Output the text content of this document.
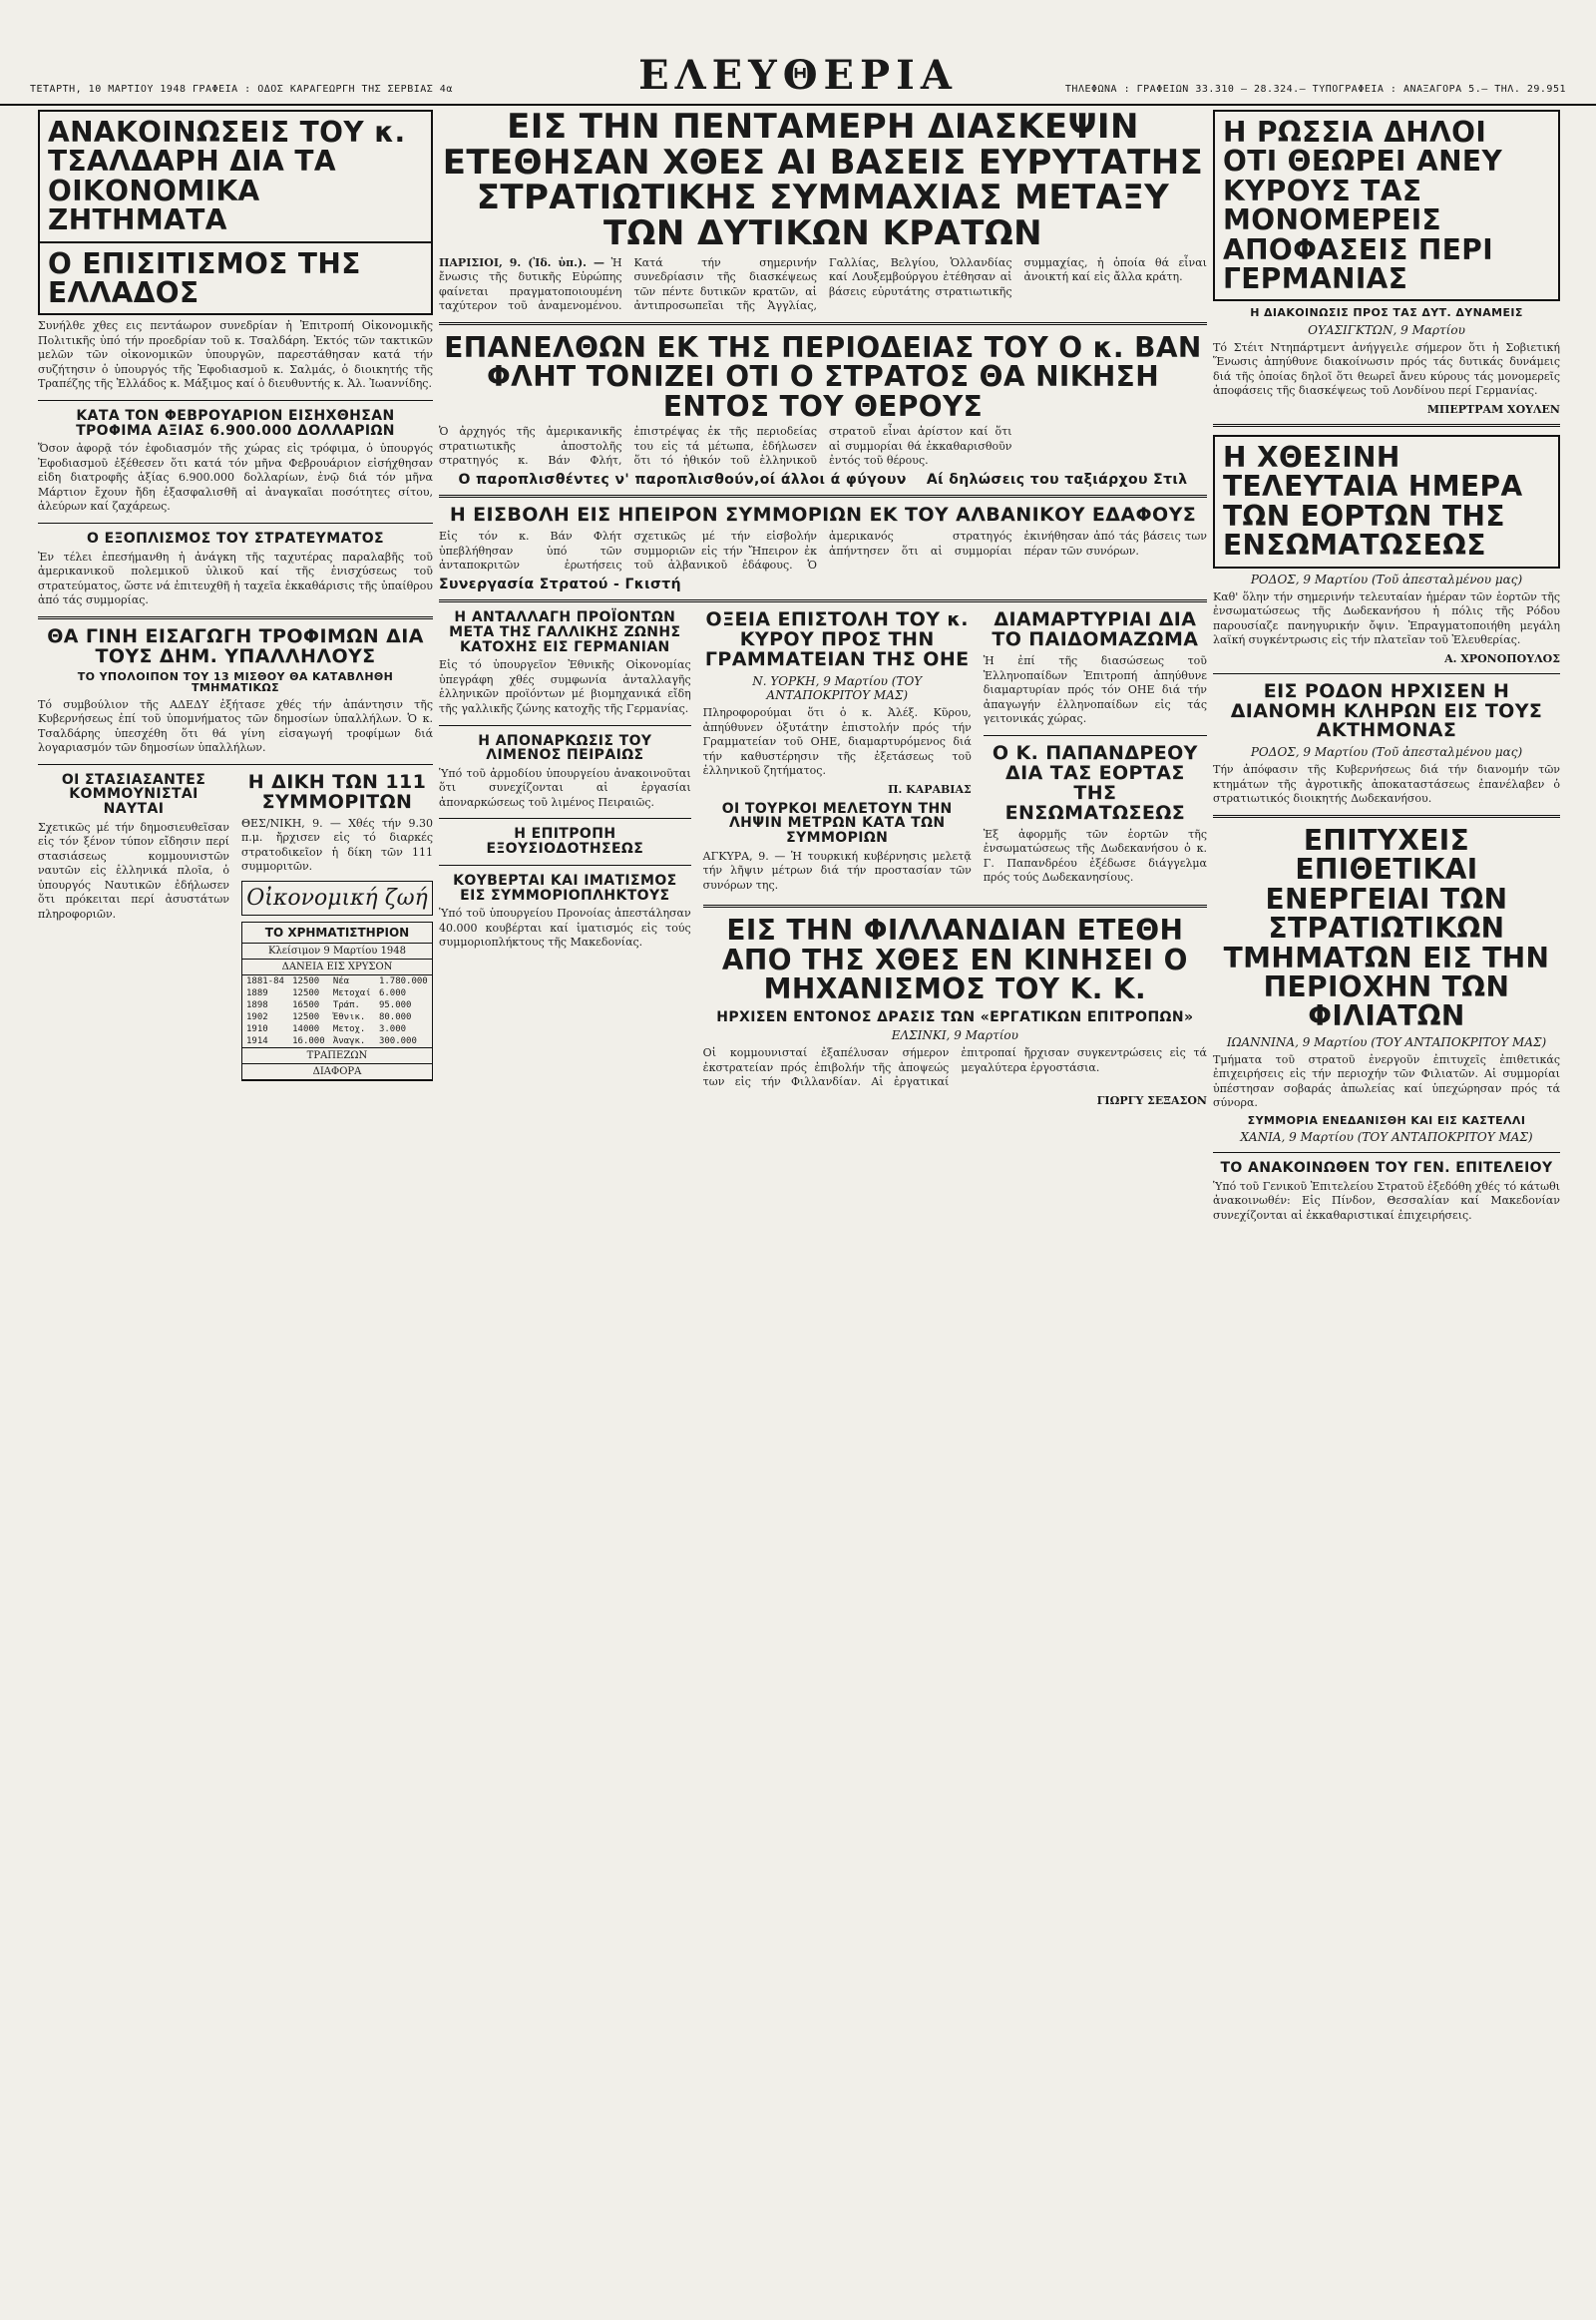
ΤΕΤΑΡΤΗ, 10 ΜΑΡΤΙΟΥ 1948 ΓΡΑΦΕΙΑ : ΟΔΟΣ ΚΑΡΑΓΕΩΡΓΗ ΤΗΣ ΣΕΡΒΙΑΣ 4α	ΕΛΕΥΘΕΡΙΑ	ΤΗΛΕΦΩΝΑ : ΓΡΑΦΕΙΩΝ 33.310 — 28.324.— ΤΥΠΟΓΡΑΦΕΙΑ : ΑΝΑΞΑΓΟΡΑ 5.— ΤΗΛ. 29.951
ΑΝΑΚΟΙΝΩΣΕΙΣ ΤΟΥ κ. ΤΣΑΛΔΑΡΗ ΔΙΑ ΤΑ ΟΙΚΟΝΟΜΙΚΑ ΖΗΤΗΜΑΤΑ
Ο ΕΠΙΣΙΤΙΣΜΟΣ ΤΗΣ ΕΛΛΑΔΟΣ

Συνήλθε χθες εις πεντάωρον συνεδρίαν ἡ Ἐπιτροπή Οἰκονομικῆς Πολιτικῆς ὑπό τήν προεδρίαν τοῦ κ. Τσαλδάρη. Ἐκτός τῶν τακτικῶν μελῶν τῶν οἰκονομικῶν ὑπουργῶν, παρεστάθησαν κατά τήν συζήτησιν ὁ ὑπουργός τῆς Ἐφοδιασμοῦ κ. Σαλμάς, ὁ διοικητής τῆς Τραπέζης τῆς Ἑλλάδος κ. Μάξιμος καί ὁ διευθυντής κ. Ἀλ. Ἰωαννίδης.

ΚΑΤΑ ΤΟΝ ΦΕΒΡΟΥΑΡΙΟΝ ΕΙΣΗΧΘΗΣΑΝ ΤΡΟΦΙΜΑ ΑΞΙΑΣ 6.900.000 ΔΟΛΛΑΡΙΩΝ

Ὅσον ἀφορᾷ τόν ἐφοδιασμόν τῆς χώρας εἰς τρόφιμα, ὁ ὑπουργός Ἐφοδιασμοῦ ἐξέθεσεν ὅτι κατά τόν μῆνα Φεβρουάριον εἰσήχθησαν εἰδη διατροφῆς ἀξίας 6.900.000 δολλαρίων, ἐνῷ διά τόν μῆνα Μάρτιον ἔχουν ἤδη ἐξασφαλισθῆ αἱ ἀναγκαῖαι ποσότητες σίτου, ἀλεύρων καί ζαχάρεως.

Ο ΕΞΟΠΛΙΣΜΟΣ ΤΟΥ ΣΤΡΑΤΕΥΜΑΤΟΣ

Ἐν τέλει ἐπεσήμανθη ἡ ἀνάγκη τῆς ταχυτέρας παραλαβῆς τοῦ ἀμερικανικοῦ πολεμικοῦ ὑλικοῦ καί τῆς ἐνισχύσεως τοῦ στρατεύματος, ὥστε νά ἐπιτευχθῆ ἡ ταχεῖα ἐκκαθάρισις τῆς ὑπαίθρου ἀπό τάς συμμορίας.

ΘΑ ΓΙΝΗ ΕΙΣΑΓΩΓΗ ΤΡΟΦΙΜΩΝ ΔΙΑ ΤΟΥΣ ΔΗΜ. ΥΠΑΛΛΗΛΟΥΣ
ΤΟ ΥΠΟΛΟΙΠΟΝ ΤΟΥ 13 ΜΙΣΘΟΥ ΘΑ ΚΑΤΑΒΛΗΘΗ ΤΜΗΜΑΤΙΚΩΣ

Τό συμβούλιον τῆς ΑΔΕΔΥ ἐξήτασε χθές τήν ἀπάντησιν τῆς Κυβερνήσεως ἐπί τοῦ ὑπομνήματος τῶν δημοσίων ὑπαλλήλων. Ὁ κ. Τσαλδάρης ὑπεσχέθη ὅτι θά γίνη εἰσαγωγή τροφίμων διά λογαριασμόν τῶν δημοσίων ὑπαλλήλων.

ΟΙ ΣΤΑΣΙΑΣΑΝΤΕΣ ΚΟΜΜΟΥΝΙΣΤΑΙ ΝΑΥΤΑΙ

Σχετικῶς μέ τήν δημοσιευθεῖσαν εἰς τόν ξένον τύπον εἴδησιν περί στασιάσεως κομμουνιστῶν ναυτῶν εἰς ἑλληνικά πλοῖα, ὁ ὑπουργός Ναυτικῶν ἐδήλωσεν ὅτι πρόκειται περί ἀσυστάτων πληροφοριῶν.

Η ΔΙΚΗ ΤΩΝ 111 ΣΥΜΜΟΡΙΤΩΝ

ΘΕΣ/ΝΙΚΗ, 9. — Χθές τήν 9.30 π.μ. ἤρχισεν εἰς τό διαρκές στρατοδικεῖον ἡ δίκη τῶν 111 συμμοριτῶν.

Οἰκονομική ζωή
ΤΟ ΧΡΗΜΑΤΙΣΤΗΡΙΟΝ
Κλείσιμον 9 Μαρτίου 1948
ΔΑΝΕΙΑ ΕΙΣ ΧΡΥΣΟΝ
1881-84	12500	Νέα	1.780.000
1889	12500	Μετοχαί	6.000
1898	16500	Τράπ.	95.000
1902	12500	Ἐθνικ.	80.000
1910	14000	Μετοχ.	3.000
1914	16.000	Ἀναγκ.	300.000
ΤΡΑΠΕΖΩΝ
ΔΙΑΦΟΡΑ
ΕΙΣ ΤΗΝ ΠΕΝΤΑΜΕΡΗ ΔΙΑΣΚΕΨΙΝ ΕΤΕΘΗΣΑΝ ΧΘΕΣ ΑΙ ΒΑΣΕΙΣ ΕΥΡΥΤΑΤΗΣ ΣΤΡΑΤΙΩΤΙΚΗΣ ΣΥΜΜΑΧΙΑΣ ΜΕΤΑΞΥ ΤΩΝ ΔΥΤΙΚΩΝ ΚΡΑΤΩΝ

ΠΑΡΙΣΙΟΙ, 9. (Ἰδ. ὑπ.). — Ἡ ἔνωσις τῆς δυτικῆς Εὐρώπης φαίνεται πραγματοποιουμένη ταχύτερον τοῦ ἀναμενομένου. Κατά τήν σημερινήν συνεδρίασιν τῆς διασκέψεως τῶν πέντε δυτικῶν κρατῶν, αἱ ἀντιπροσωπεῖαι τῆς Ἀγγλίας, Γαλλίας, Βελγίου, Ὁλλανδίας καί Λουξεμβούργου ἐτέθησαν αἱ βάσεις εὐρυτάτης στρατιωτικῆς συμμαχίας, ἡ ὁποία θά εἶναι ἀνοικτή καί εἰς ἄλλα κράτη.

ΕΠΑΝΕΛΘΩΝ ΕΚ ΤΗΣ ΠΕΡΙΟΔΕΙΑΣ ΤΟΥ Ο κ. ΒΑΝ ΦΛΗΤ ΤΟΝΙΖΕΙ ΟΤΙ Ο ΣΤΡΑΤΟΣ ΘΑ ΝΙΚΗΣΗ ΕΝΤΟΣ ΤΟΥ ΘΕΡΟΥΣ

Ὁ ἀρχηγός τῆς ἀμερικανικῆς στρατιωτικῆς ἀποστολῆς στρατηγός κ. Βάν Φλήτ, ἐπιστρέψας ἐκ τῆς περιοδείας του εἰς τά μέτωπα, ἐδήλωσεν ὅτι τό ἠθικόν τοῦ ἑλληνικοῦ στρατοῦ εἶναι ἀρίστον καί ὅτι αἱ συμμορίαι θά ἐκκαθαρισθοῦν ἐντός τοῦ θέρους.

Ο παροπλισθέντες ν' παροπλισθούν,οί άλλοι ά φύγουν Αί δηλώσεις του ταξιάρχου Στιλ
Η ΕΙΣΒΟΛΗ ΕΙΣ ΗΠΕΙΡΟΝ ΣΥΜΜΟΡΙΩΝ ΕΚ ΤΟΥ ΑΛΒΑΝΙΚΟΥ ΕΔΑΦΟΥΣ

Εἰς τόν κ. Βάν Φλήτ ὑπεβλήθησαν ὑπό τῶν ἀνταποκριτῶν ἐρωτήσεις σχετικῶς μέ τήν εἰσβολήν συμμοριῶν εἰς τήν Ἤπειρον ἐκ τοῦ ἀλβανικοῦ ἐδάφους. Ὁ ἀμερικανός στρατηγός ἀπήντησεν ὅτι αἱ συμμορίαι ἐκινήθησαν ἀπό τάς βάσεις των πέραν τῶν συνόρων.

Συνεργασία Στρατού - Γκιστή
Η ΑΝΤΑΛΛΑΓΗ ΠΡΟΪΟΝΤΩΝ ΜΕΤΑ ΤΗΣ ΓΑΛΛΙΚΗΣ ΖΩΝΗΣ ΚΑΤΟΧΗΣ ΕΙΣ ΓΕΡΜΑΝΙΑΝ

Εἰς τό ὑπουργεῖον Ἐθνικῆς Οἰκονομίας ὑπεγράφη χθές συμφωνία ἀνταλλαγῆς ἑλληνικῶν προϊόντων μέ βιομηχανικά εἴδη τῆς γαλλικῆς ζώνης κατοχῆς τῆς Γερμανίας.

Η ΑΠΟΝΑΡΚΩΣΙΣ ΤΟΥ ΛΙΜΕΝΟΣ ΠΕΙΡΑΙΩΣ

Ὑπό τοῦ ἀρμοδίου ὑπουργείου ἀνακοινοῦται ὅτι συνεχίζονται αἱ ἐργασίαι ἀποναρκώσεως τοῦ λιμένος Πειραιῶς.

Η ΕΠΙΤΡΟΠΗ ΕΞΟΥΣΙΟΔΟΤΗΣΕΩΣ
ΚΟΥΒΕΡΤΑΙ ΚΑΙ ΙΜΑΤΙΣΜΟΣ ΕΙΣ ΣΥΜΜΟΡΙΟΠΛΗΚΤΟΥΣ

Ὑπό τοῦ ὑπουργείου Προνοίας ἀπεστάλησαν 40.000 κουβέρται καί ἱματισμός εἰς τούς συμμοριοπλήκτους τῆς Μακεδονίας.

ΟΞΕΙΑ ΕΠΙΣΤΟΛΗ ΤΟΥ κ. ΚΥΡΟΥ ΠΡΟΣ ΤΗΝ ΓΡΑΜΜΑΤΕΙΑΝ ΤΗΣ ΟΗΕ
Ν. ΥΟΡΚΗ, 9 Μαρτίου (ΤΟΥ ΑΝΤΑΠΟΚΡΙΤΟΥ ΜΑΣ)

Πληροφορούμαι ὅτι ὁ κ. Ἀλέξ. Κῦρου, ἀπηύθυνεν ὀξυτάτην ἐπιστολήν πρός τήν Γραμματείαν τοῦ ΟΗΕ, διαμαρτυρόμενος διά τήν καθυστέρησιν τῆς ἐξετάσεως τοῦ ἑλληνικοῦ ζητήματος.

Π. ΚΑΡΑΒΙΑΣ
ΟΙ ΤΟΥΡΚΟΙ ΜΕΛΕΤΟΥΝ ΤΗΝ ΛΗΨΙΝ ΜΕΤΡΩΝ ΚΑΤΑ ΤΩΝ ΣΥΜΜΟΡΙΩΝ

ΑΓΚΥΡΑ, 9. — Ἡ τουρκική κυβέρνησις μελετᾷ τήν λῆψιν μέτρων διά τήν προστασίαν τῶν συνόρων της.

ΔΙΑΜΑΡΤΥΡΙΑΙ ΔΙΑ ΤΟ ΠΑΙΔΟΜΑΖΩΜΑ

Ἡ ἐπί τῆς διασώσεως τοῦ Ἑλληνοπαίδων Ἐπιτροπή ἀπηύθυνε διαμαρτυρίαν πρός τόν ΟΗΕ διά τήν ἀπαγωγήν ἑλληνοπαίδων εἰς τάς γειτονικάς χώρας.

Ο Κ. ΠΑΠΑΝΔΡΕΟΥ ΔΙΑ ΤΑΣ ΕΟΡΤΑΣ ΤΗΣ ΕΝΣΩΜΑΤΩΣΕΩΣ

Ἐξ ἀφορμῆς τῶν ἑορτῶν τῆς ἐνσωματώσεως τῆς Δωδεκανήσου ὁ κ. Γ. Παπανδρέου ἐξέδωσε διάγγελμα πρός τούς Δωδεκανησίους.

ΕΙΣ ΤΗΝ ΦΙΛΛΑΝΔΙΑΝ ΕΤΕΘΗ ΑΠΟ ΤΗΣ ΧΘΕΣ ΕΝ ΚΙΝΗΣΕΙ Ο ΜΗΧΑΝΙΣΜΟΣ ΤΟΥ Κ. Κ.
ΗΡΧΙΣΕΝ ΕΝΤΟΝΟΣ ΔΡΑΣΙΣ ΤΩΝ «ΕΡΓΑΤΙΚΩΝ ΕΠΙΤΡΟΠΩΝ»
ΕΛΣΙΝΚΙ, 9 Μαρτίου

Οἱ κομμουνισταί ἐξαπέλυσαν σήμερον ἐκστρατείαν πρός ἐπιβολήν τῆς ἀποψεώς των εἰς τήν Φιλλανδίαν. Αἱ ἐργατικαί ἐπιτροπαί ἤρχισαν συγκεντρώσεις εἰς τά μεγαλύτερα ἐργοστάσια.

ΓΙΩΡΓΥ ΣΕΞΑΣΟΝ
Η ΡΩΣΣΙΑ ΔΗΛΟΙ ΟΤΙ ΘΕΩΡΕΙ ΑΝΕΥ ΚΥΡΟΥΣ ΤΑΣ ΜΟΝΟΜΕΡΕΙΣ ΑΠΟΦΑΣΕΙΣ ΠΕΡΙ ΓΕΡΜΑΝΙΑΣ
Η ΔΙΑΚΟΙΝΩΣΙΣ ΠΡΟΣ ΤΑΣ ΔΥΤ. ΔΥΝΑΜΕΙΣ
ΟΥΑΣΙΓΚΤΩΝ, 9 Μαρτίου

Τό Στέιτ Ντηπάρτμεντ ἀνήγγειλε σήμερον ὅτι ἡ Σοβιετική Ἕνωσις ἀπηύθυνε διακοίνωσιν πρός τάς δυτικάς δυνάμεις διά τῆς ὁποίας δηλοῖ ὅτι θεωρεῖ ἄνευ κύρους τάς μονομερεῖς ἀποφάσεις τῆς διασκέψεως τοῦ Λονδίνου περί Γερμανίας.

ΜΠΕΡΤΡΑΜ ΧΟΥΛΕΝ
Η ΧΘΕΣΙΝΗ ΤΕΛΕΥΤΑΙΑ ΗΜΕΡΑ ΤΩΝ ΕΟΡΤΩΝ ΤΗΣ ΕΝΣΩΜΑΤΩΣΕΩΣ
ΡΟΔΟΣ, 9 Μαρτίου (Τοῦ ἀπεσταλμένου μας)

Καθ' ὅλην τήν σημερινήν τελευταίαν ἡμέραν τῶν ἑορτῶν τῆς ἐνσωματώσεως τῆς Δωδεκανήσου ἡ πόλις τῆς Ρόδου παρουσίαζε πανηγυρικήν ὄψιν. Ἐπραγματοποιήθη μεγάλη λαϊκή συγκέντρωσις εἰς τήν πλατεῖαν τοῦ Ἐλευθερίας.

Α. ΧΡΟΝΟΠΟΥΛΟΣ
ΕΙΣ ΡΟΔΟΝ ΗΡΧΙΣΕΝ Η ΔΙΑΝΟΜΗ ΚΛΗΡΩΝ ΕΙΣ ΤΟΥΣ ΑΚΤΗΜΟΝΑΣ
ΡΟΔΟΣ, 9 Μαρτίου (Τοῦ ἀπεσταλμένου μας)

Τήν ἀπόφασιν τῆς Κυβερνήσεως διά τήν διανομήν τῶν κτημάτων τῆς ἀγροτικῆς ἀποκαταστάσεως ἐπανέλαβεν ὁ στρατιωτικός διοικητής Δωδεκανήσου.

ΕΠΙΤΥΧΕΙΣ ΕΠΙΘΕΤΙΚΑΙ ΕΝΕΡΓΕΙΑΙ ΤΩΝ ΣΤΡΑΤΙΩΤΙΚΩΝ ΤΜΗΜΑΤΩΝ ΕΙΣ ΤΗΝ ΠΕΡΙΟΧΗΝ ΤΩΝ ΦΙΛΙΑΤΩΝ
ΙΩΑΝΝΙΝΑ, 9 Μαρτίου (ΤΟΥ ΑΝΤΑΠΟΚΡΙΤΟΥ ΜΑΣ)

Τμήματα τοῦ στρατοῦ ἐνεργοῦν ἐπιτυχεῖς ἐπιθετικάς ἐπιχειρήσεις εἰς τήν περιοχήν τῶν Φιλιατῶν. Αἱ συμμορίαι ὑπέστησαν σοβαράς ἀπωλείας καί ὑπεχώρησαν πρός τά σύνορα.

ΣΥΜΜΟΡΙΑ ΕΝΕΔΑΝΙΣΘΗ ΚΑΙ ΕΙΣ ΚΑΣΤΕΛΛΙ
ΧΑΝΙΑ, 9 Μαρτίου (ΤΟΥ ΑΝΤΑΠΟΚΡΙΤΟΥ ΜΑΣ)
ΤΟ ΑΝΑΚΟΙΝΩΘΕΝ ΤΟΥ ΓΕΝ. ΕΠΙΤΕΛΕΙΟΥ

Ὑπό τοῦ Γενικοῦ Ἐπιτελείου Στρατοῦ ἐξεδόθη χθές τό κάτωθι ἀνακοινωθέν: Εἰς Πίνδον, Θεσσαλίαν καί Μακεδονίαν συνεχίζονται αἱ ἐκκαθαριστικαί ἐπιχειρήσεις.
